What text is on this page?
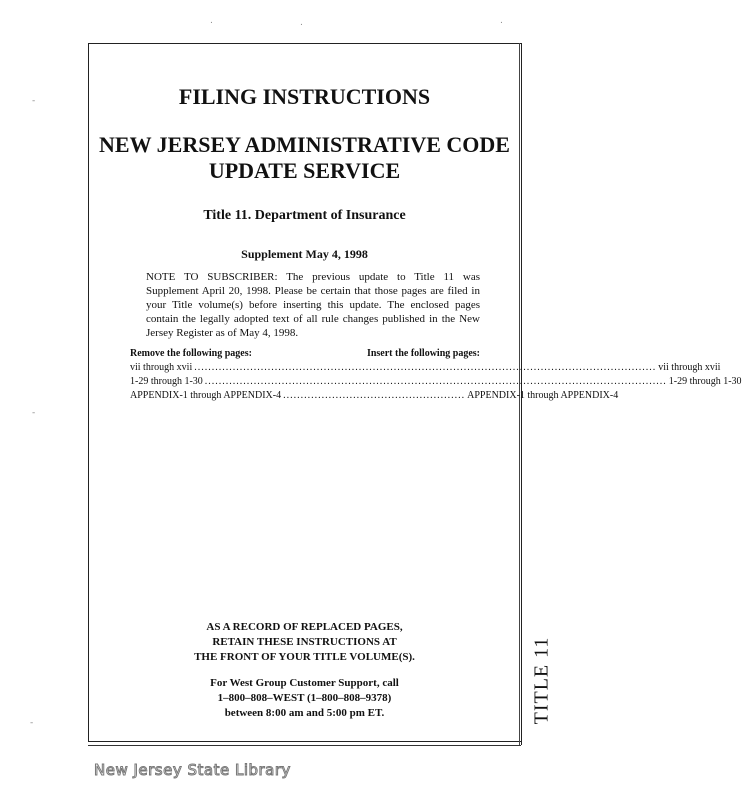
TITLE 11
FILING INSTRUCTIONS
NEW JERSEY ADMINISTRATIVE CODE
UPDATE SERVICE
Title 11. Department of Insurance
Supplement May 4, 1998
NOTE TO SUBSCRIBER: The previous update to Title 11 was Supplement April 20, 1998. Please be certain that those pages are filed in your Title volume(s) before inserting this update. The enclosed pages contain the legally adopted text of all rule changes published in the New Jersey Register as of May 4, 1998.
Remove the following pages:	Insert the following pages:
vii through xvii .................................................................................................................................... vii through xvii
1-29 through 1-30 .................................................................................................................................... 1-29 through 1-30
APPENDIX-1 through APPENDIX-4 .................................................... APPENDIX-1 through APPENDIX-4
AS A RECORD OF REPLACED PAGES,
RETAIN THESE INSTRUCTIONS AT
THE FRONT OF YOUR TITLE VOLUME(S).
For West Group Customer Support, call
1–800–808–WEST (1–800–808–9378)
between 8:00 am and 5:00 pm ET.
New Jersey State Library
-
-
-
.	.	.
